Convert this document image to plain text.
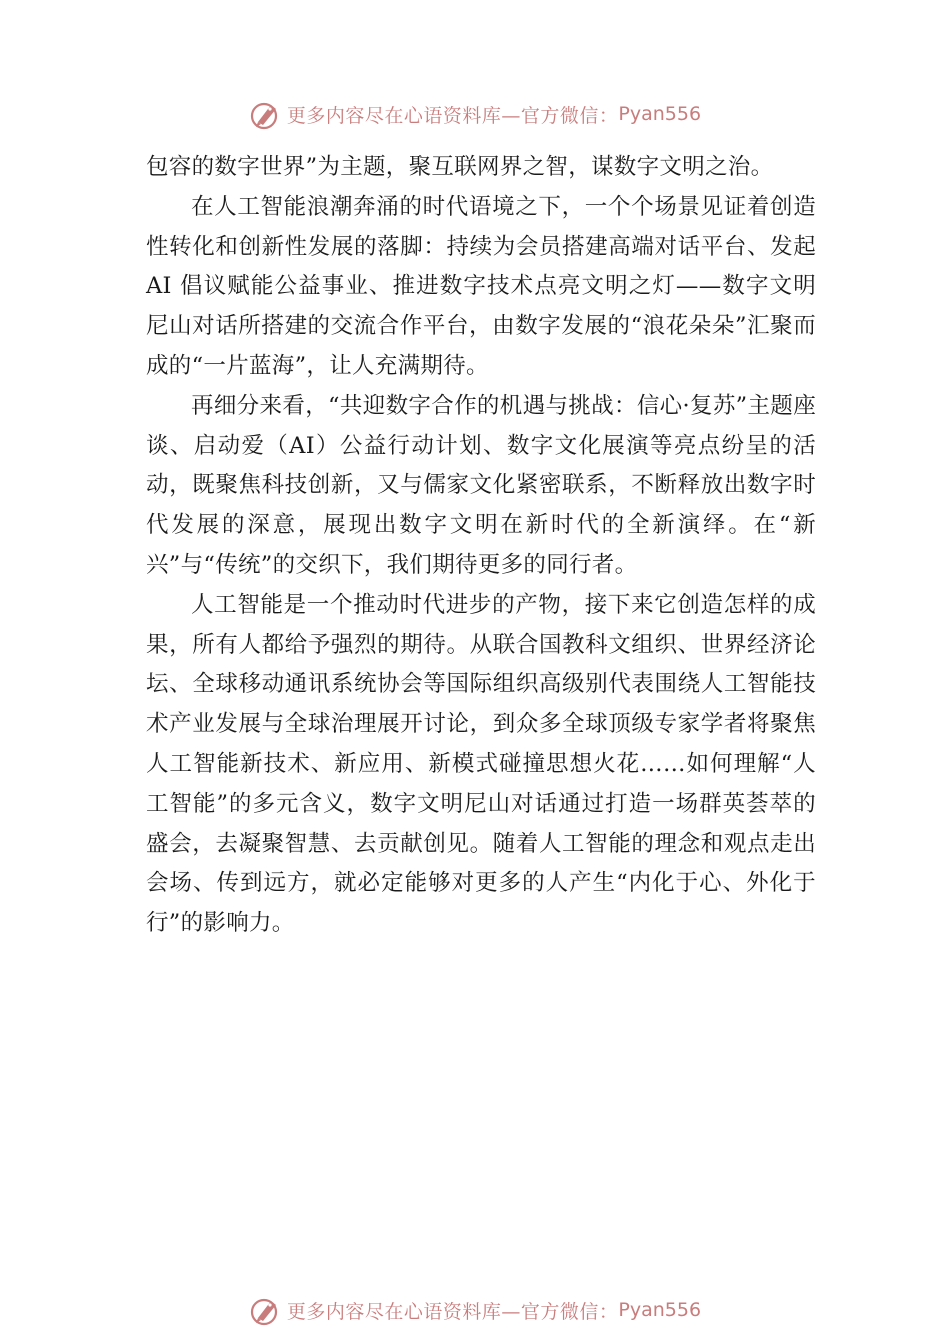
更多内容尽在心语资料库—官方微信： Pyan556

包容的数字世界”为主题，聚互联网界之智，谋数字文明之治。

在人工智能浪潮奔涌的时代语境之下，一个个场景见证着创造性转化和创新性发展的落脚：持续为会员搭建高端对话平台、发起 AI 倡议赋能公益事业、推进数字技术点亮文明之灯——数字文明尼山对话所搭建的交流合作平台，由数字发展的“浪花朵朵”汇聚而成的“一片蓝海”，让人充满期待。

再细分来看，“共迎数字合作的机遇与挑战：信心·复苏”主题座谈、启动爱（AI）公益行动计划、数字文化展演等亮点纷呈的活动，既聚焦科技创新，又与儒家文化紧密联系，不断释放出数字时代发展的深意，展现出数字文明在新时代的全新演绎。在“新兴”与“传统”的交织下，我们期待更多的同行者。

人工智能是一个推动时代进步的产物，接下来它创造怎样的成果，所有人都给予强烈的期待。从联合国教科文组织、世界经济论坛、全球移动通讯系统协会等国际组织高级别代表围绕人工智能技术产业发展与全球治理展开讨论，到众多全球顶级专家学者将聚焦人工智能新技术、新应用、新模式碰撞思想火花……如何理解“人工智能”的多元含义，数字文明尼山对话通过打造一场群英荟萃的盛会，去凝聚智慧、去贡献创见。随着人工智能的理念和观点走出会场、传到远方，就必定能够对更多的人产生“内化于心、外化于行”的影响力。

更多内容尽在心语资料库—官方微信： Pyan556
